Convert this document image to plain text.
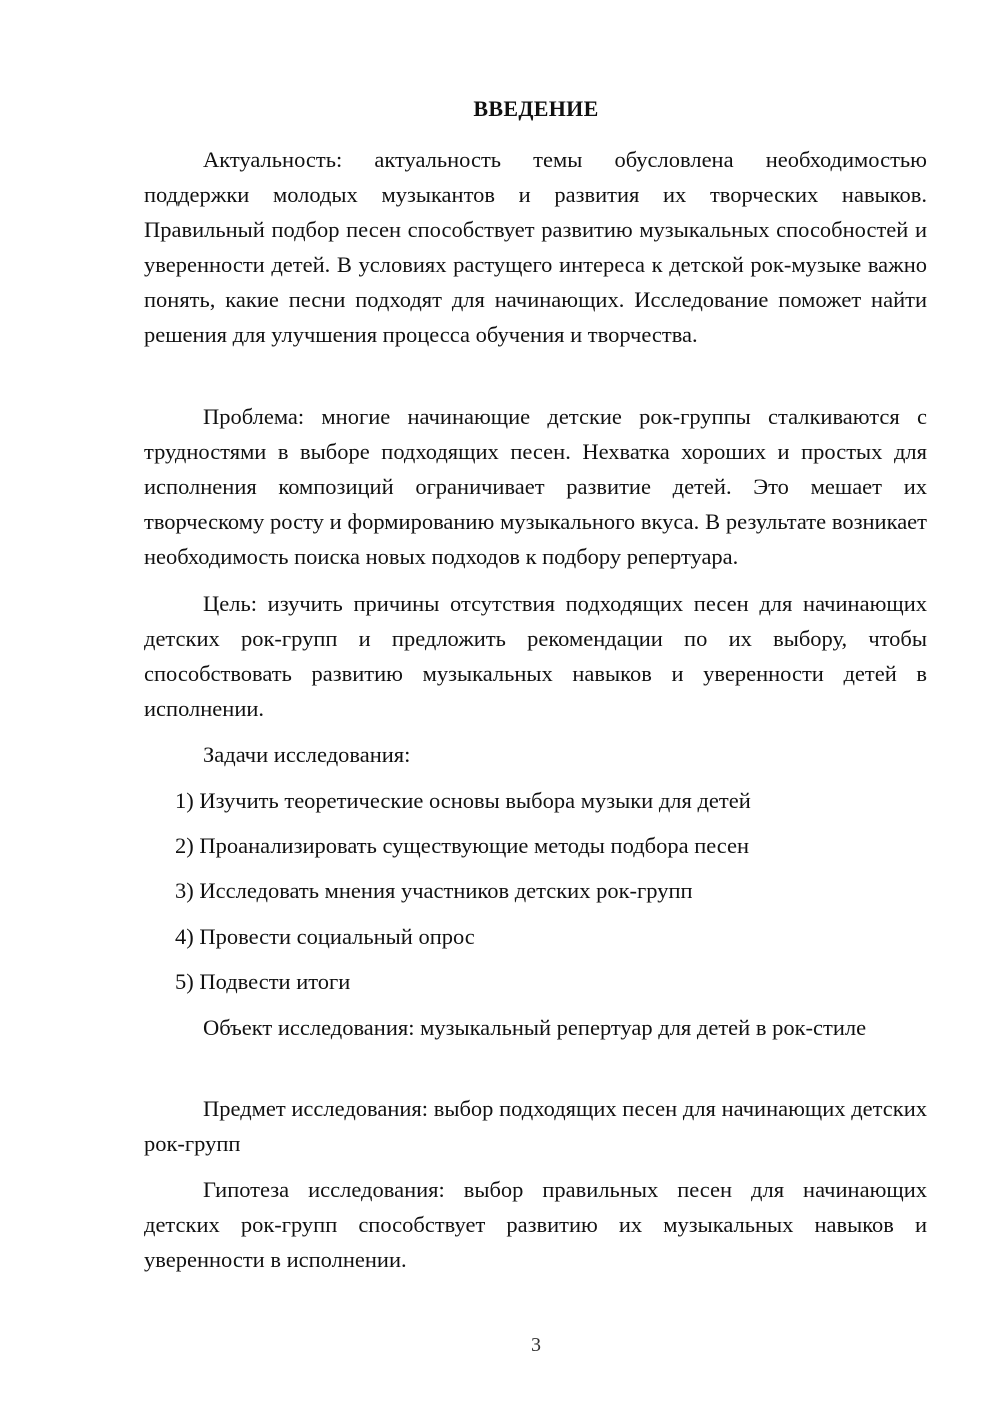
ВВЕДЕНИЕ

Актуальность: актуальность темы обусловлена необходимостью поддержки молодых музыкантов и развития их творческих навыков. Правильный подбор песен способствует развитию музыкальных способностей и уверенности детей. В условиях растущего интереса к детской рок-музыке важно понять, какие песни подходят для начинающих. Исследование поможет найти решения для улучшения процесса обучения и творчества.

Проблема: многие начинающие детские рок-группы сталкиваются с трудностями в выборе подходящих песен. Нехватка хороших и простых для исполнения композиций ограничивает развитие детей. Это мешает их творческому росту и формированию музыкального вкуса. В результате возникает необходимость поиска новых подходов к подбору репертуара.

Цель: изучить причины отсутствия подходящих песен для начинающих детских рок-групп и предложить рекомендации по их выбору, чтобы способствовать развитию музыкальных навыков и уверенности детей в исполнении.

Задачи исследования:
1) Изучить теоретические основы выбора музыки для детей
2) Проанализировать существующие методы подбора песен
3) Исследовать мнения участников детских рок-групп
4) Провести социальный опрос
5) Подвести итоги

Объект исследования: музыкальный репертуар для детей в рок-стиле

Предмет исследования: выбор подходящих песен для начинающих детских рок-групп

Гипотеза исследования: выбор правильных песен для начинающих детских рок-групп способствует развитию их музыкальных навыков и уверенности в исполнении.

3
